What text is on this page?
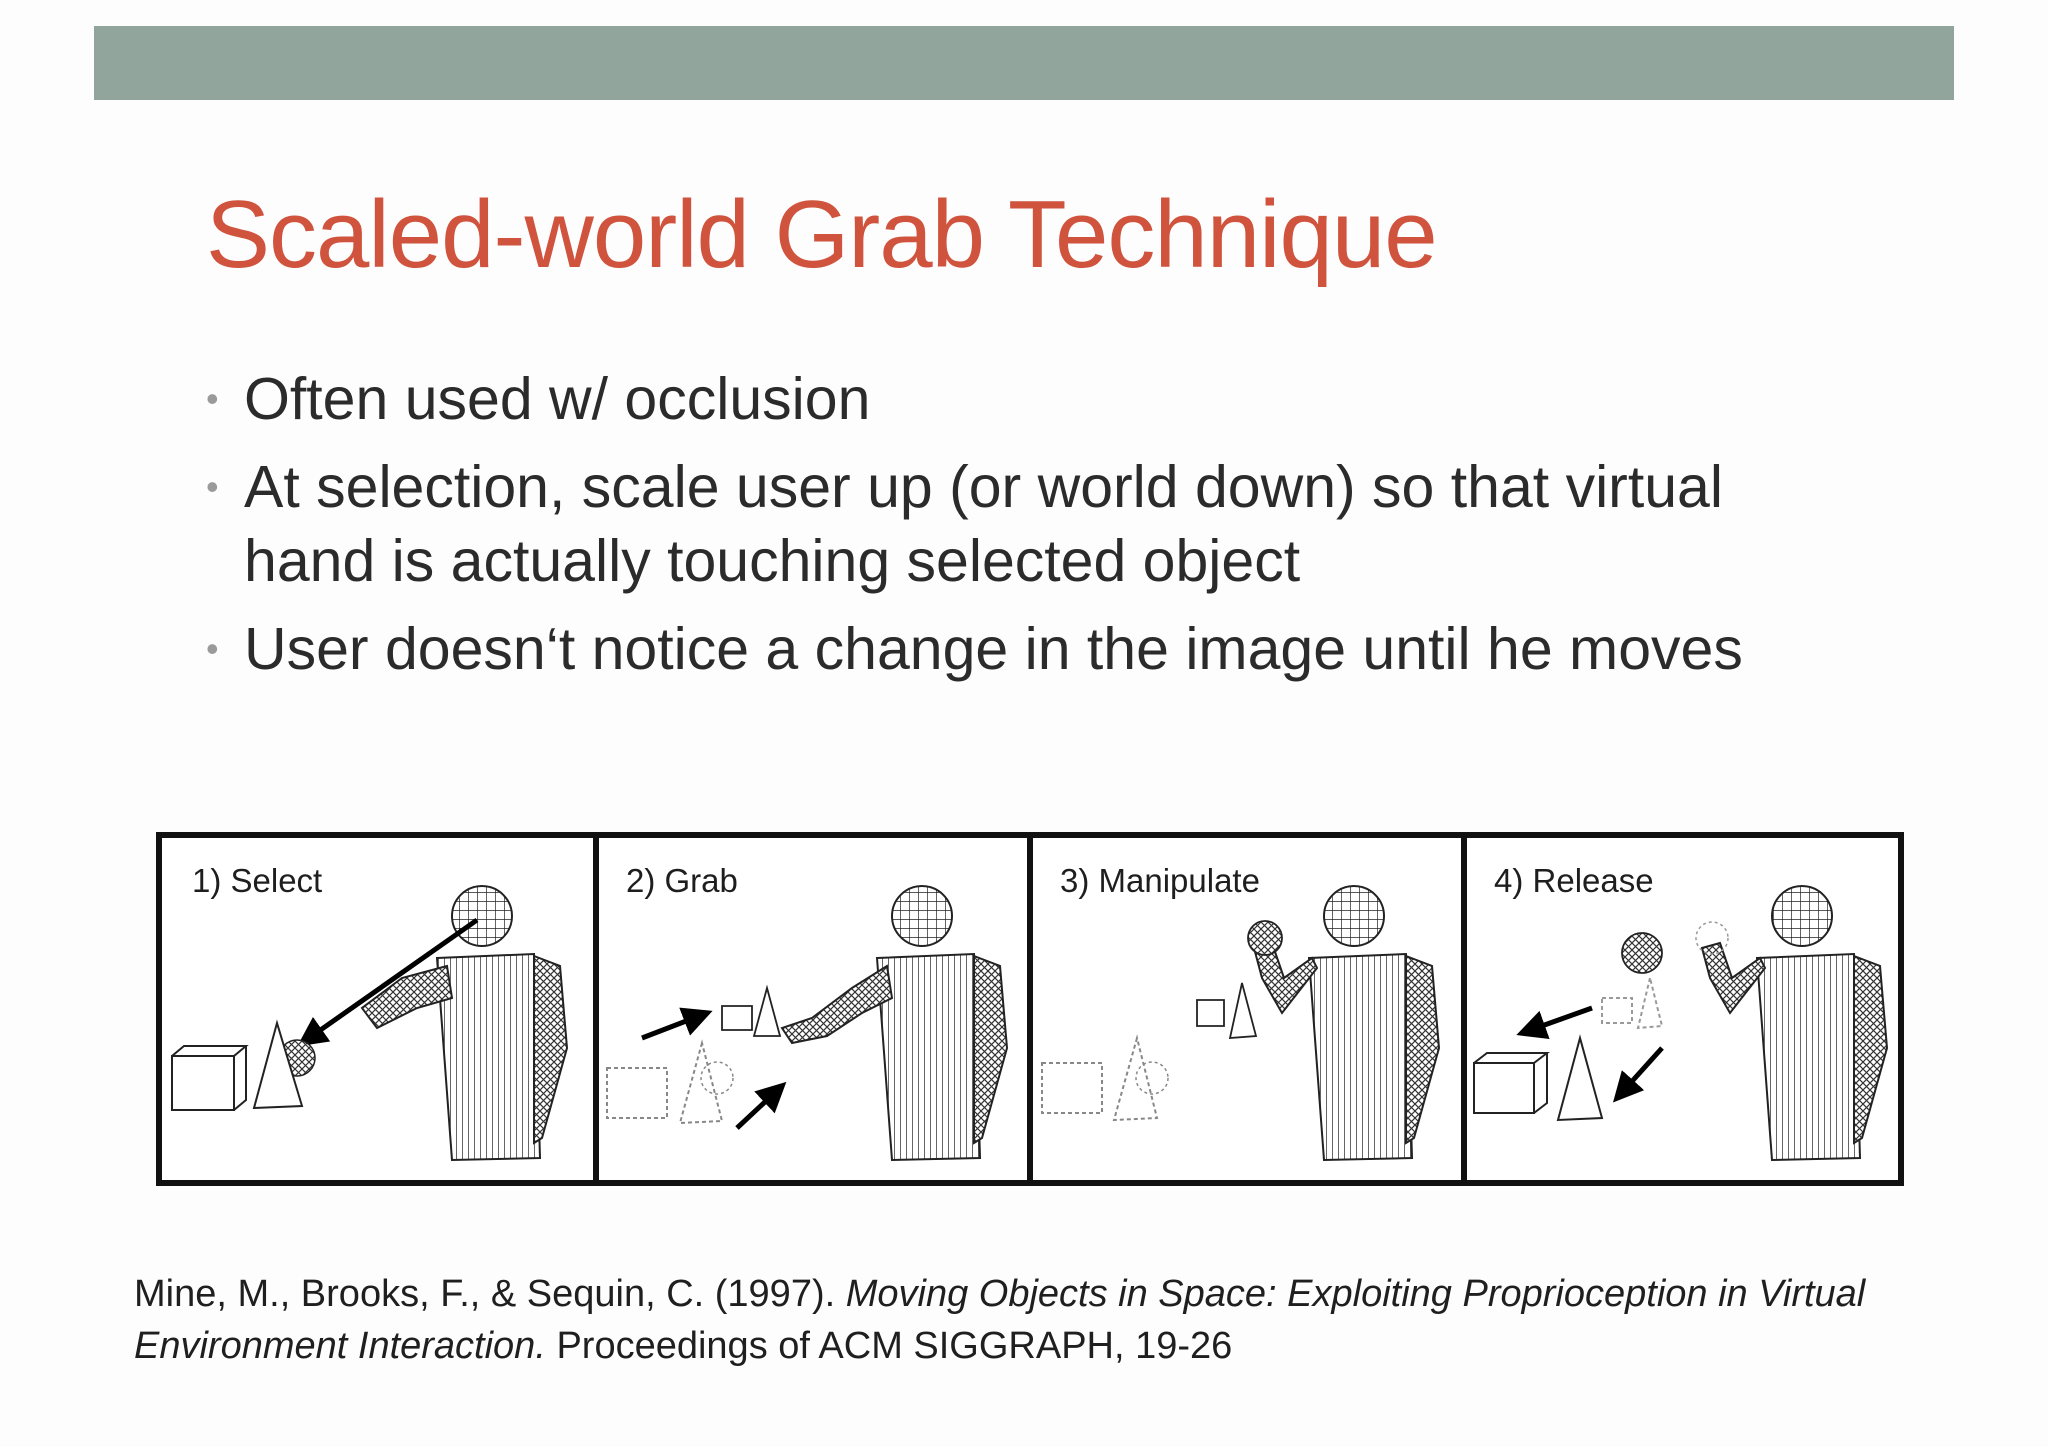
Scaled-world Grab Technique
• Often used w/ occlusion
• At selection, scale user up (or world down) so that virtual hand is actually touching selected object
• User doesn‘t notice a change in the image until he moves
1) Select	2) Grab	3) Manipulate	4) Release

Mine, M., Brooks, F., & Sequin, C. (1997). Moving Objects in Space: Exploiting Proprioception in Virtual Environment Interaction. Proceedings of ACM SIGGRAPH, 19-26
